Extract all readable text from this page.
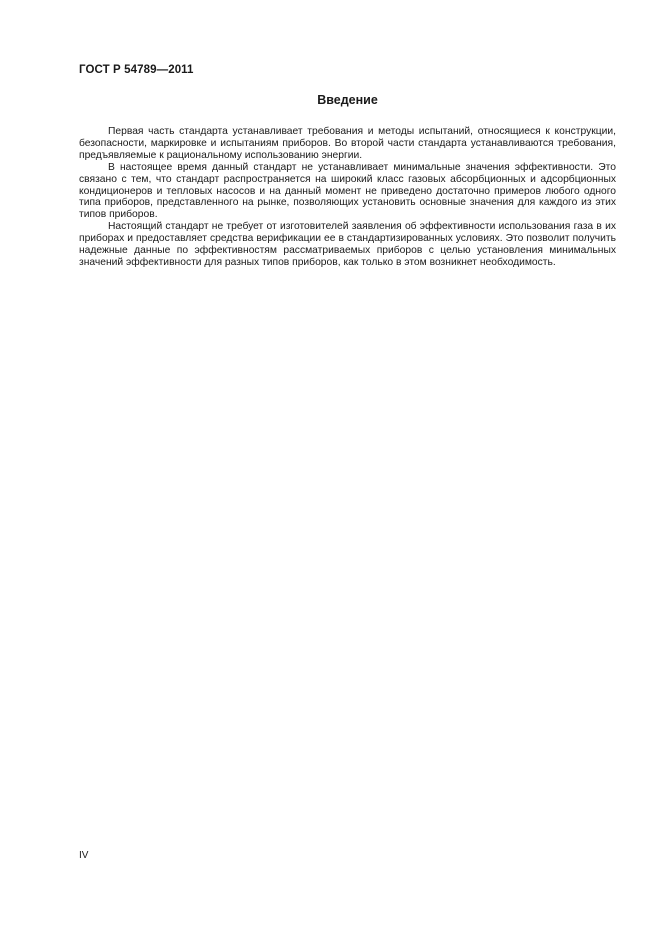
ГОСТ Р 54789—2011
Введение

Первая часть стандарта устанавливает требования и методы испытаний, относящиеся к конструкции, безопасности, маркировке и испытаниям приборов. Во второй части стандарта устанавливаются требования, предъявляемые к рациональному использованию энергии.

В настоящее время данный стандарт не устанавливает минимальные значения эффективности. Это связано с тем, что стандарт распространяется на широкий класс газовых абсорбционных и адсорбционных кондиционеров и тепловых насосов и на данный момент не приведено достаточно примеров любого одного типа приборов, представленного на рынке, позволяющих установить основные значения для каждого из этих типов приборов.

Настоящий стандарт не требует от изготовителей заявления об эффективности использования газа в их приборах и предоставляет средства верификации ее в стандартизированных условиях. Это позволит получить надежные данные по эффективностям рассматриваемых приборов с целью установления минимальных значений эффективности для разных типов приборов, как только в этом возникнет необходимость.

IV
